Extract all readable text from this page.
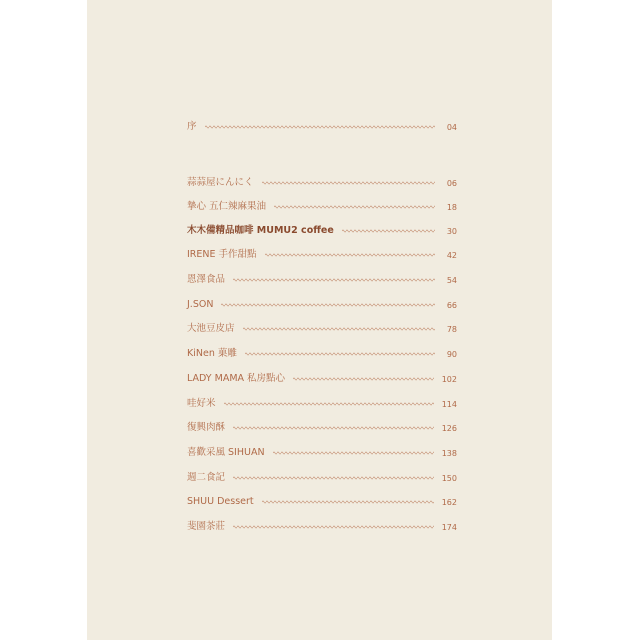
序	04
蒜蒜屋にんにく	06
摯心 五仁辣麻果油	18
木木備精品咖啡 MUMU2 coffee	30
IRENE 手作甜點	42
恩澤食品	54
J.SON	66
大池豆皮店	78
KiNen 菓雕	90
LADY MAMA 私房點心	102
哇好米	114
復興肉酥	126
喜歡采風 SIHUAN	138
週二食記	150
SHUU Dessert	162
斐園茶莊	174
